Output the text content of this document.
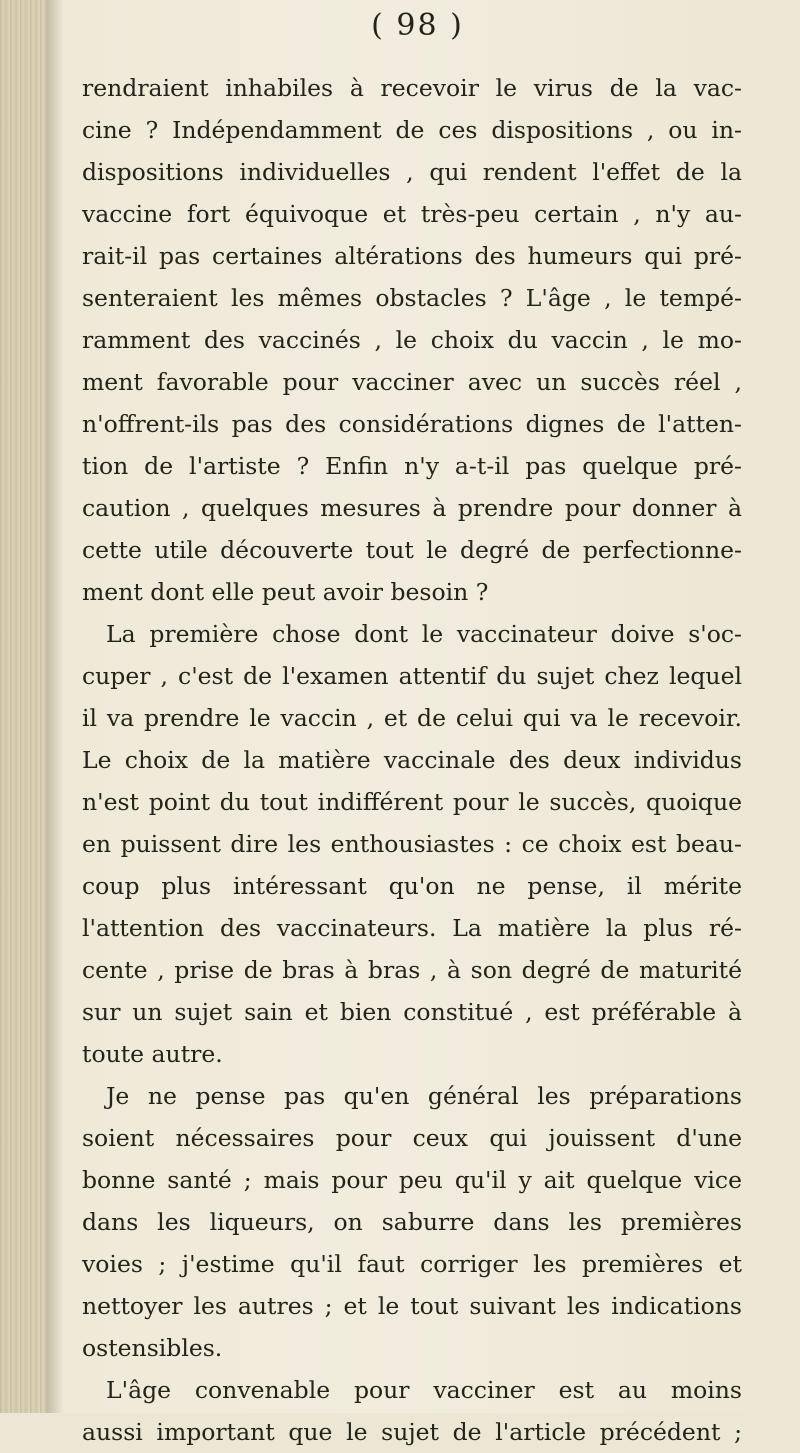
( 98 )
rendraient inhabiles à recevoir le virus de la vac-
cine ? Indépendamment de ces dispositions , ou in-
dispositions individuelles , qui rendent l'effet de la
vaccine fort équivoque et très-peu certain , n'y au-
rait-il pas certaines altérations des humeurs qui pré-
senteraient les mêmes obstacles ? L'âge , le tempé-
ramment des vaccinés , le choix du vaccin , le mo-
ment favorable pour vacciner avec un succès réel ,
n'offrent-ils pas des considérations dignes de l'atten-
tion de l'artiste ? Enfin n'y a-t-il pas quelque pré-
caution , quelques mesures à prendre pour donner à
cette utile découverte tout le degré de perfectionne-
ment dont elle peut avoir besoin ?
La première chose dont le vaccinateur doive s'oc-
cuper , c'est de l'examen attentif du sujet chez lequel
il va prendre le vaccin , et de celui qui va le recevoir.
Le choix de la matière vaccinale des deux individus
n'est point du tout indifférent pour le succès, quoique
en puissent dire les enthousiastes : ce choix est beau-
coup plus intéressant qu'on ne pense, il mérite
l'attention des vaccinateurs. La matière la plus ré-
cente , prise de bras à bras , à son degré de maturité
sur un sujet sain et bien constitué , est préférable à
toute autre.
Je ne pense pas qu'en général les préparations
soient nécessaires pour ceux qui jouissent d'une
bonne santé ; mais pour peu qu'il y ait quelque vice
dans les liqueurs, on saburre dans les premières
voies ; j'estime qu'il faut corriger les premières et
nettoyer les autres ; et le tout suivant les indications
ostensibles.
L'âge convenable pour vacciner est au moins
aussi important que le sujet de l'article précédent ;
